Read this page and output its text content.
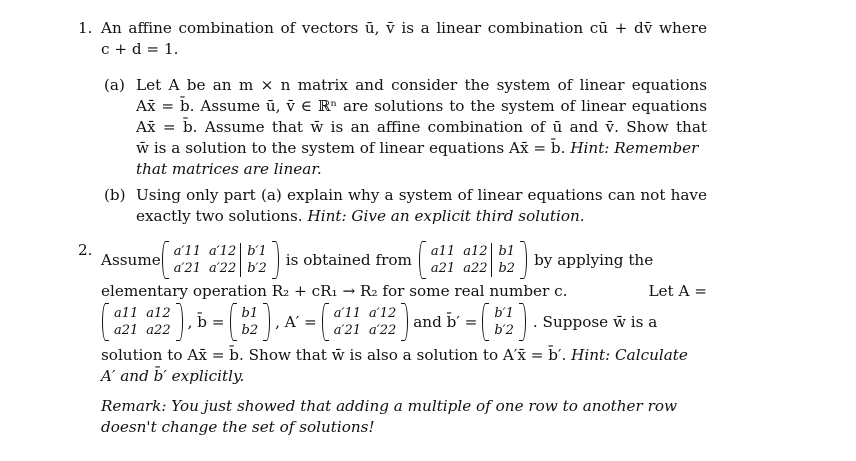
1. An affine combination of vectors ū, v̄ is a linear combination cū + dv̄ where
c + d = 1.
(a) Let A be an m × n matrix and consider the system of linear equations
Ax̄ = b̄. Assume ū, v̄ ∈ ℝⁿ are solutions to the system of linear equations
Ax̄ = b̄. Assume that w̄ is an affine combination of ū and v̄. Show that
w̄ is a solution to the system of linear equations Ax̄ = b̄. Hint: Remember
that matrices are linear.
(b) Using only part (a) explain why a system of linear equations can not have
exactly two solutions. Hint: Give an explicit third solution.
2.
Assume a′11	a′12	b′1
a′21	a′22	b′2 is obtained from a11	a12	b1
a21	a22	b2 by applying the
elementary operation R₂ + cR₁ → R₂ for some real number c.	Let A =
a11	a12
a21	a22 , b̄ = b1
b2 , A′ = a′11	a′12
a′21	a′22 and b̄′ = b′1
b′2 . Suppose w̄ is a
solution to Ax̄ = b̄. Show that w̄ is also a solution to A′x̄ = b̄′. Hint: Calculate
A′ and b̄′ explicitly.
Remark: You just showed that adding a multiple of one row to another row
doesn't change the set of solutions!
